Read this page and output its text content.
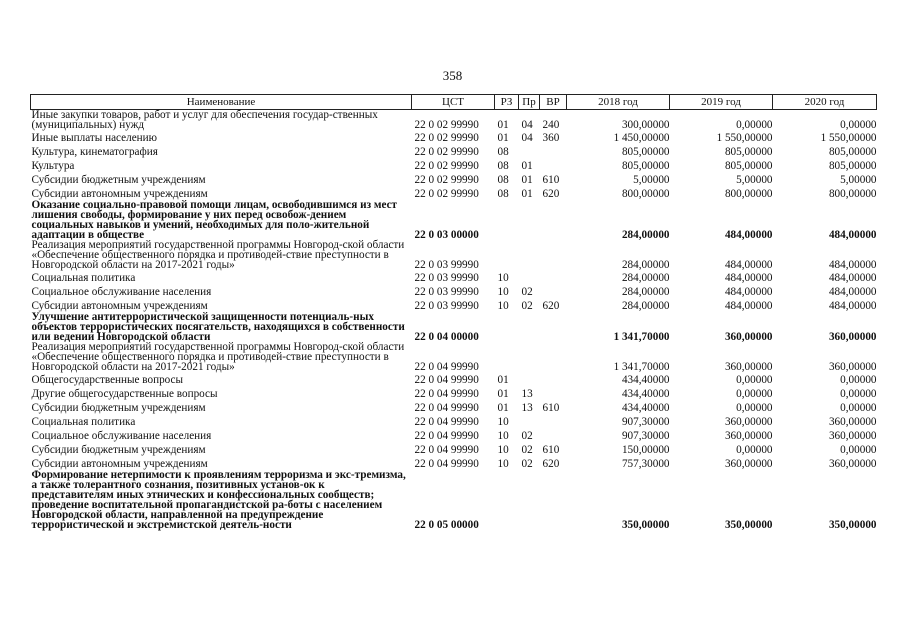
358
Наименование	ЦСТ	РЗ	Пр	ВР	2018 год	2019 год	2020 год
Иные закупки товаров, работ и услуг для обеспечения государ-ственных (муниципальных) нужд	22 0 02 99990	01	04	240	300,00000	0,00000	0,00000
Иные выплаты населению	22 0 02 99990	01	04	360	1 450,00000	1 550,00000	1 550,00000
Культура, кинематография	22 0 02 99990	08			805,00000	805,00000	805,00000
Культура	22 0 02 99990	08	01		805,00000	805,00000	805,00000
Субсидии бюджетным учреждениям	22 0 02 99990	08	01	610	5,00000	5,00000	5,00000
Субсидии автономным учреждениям	22 0 02 99990	08	01	620	800,00000	800,00000	800,00000
Оказание социально-правовой помощи лицам, освободившимся из мест лишения свободы, формирование у них перед освобож-дением социальных навыков и умений, необходимых для поло-жительной адаптации в обществе	22 0 03 00000				284,00000	484,00000	484,00000
Реализация мероприятий государственной программы Новгород-ской области «Обеспечение общественного порядка и противодей-ствие преступности в Новгородской области на 2017-2021 годы»	22 0 03 99990				284,00000	484,00000	484,00000
Социальная политика	22 0 03 99990	10			284,00000	484,00000	484,00000
Социальное обслуживание населения	22 0 03 99990	10	02		284,00000	484,00000	484,00000
Субсидии автономным учреждениям	22 0 03 99990	10	02	620	284,00000	484,00000	484,00000
Улучшение антитеррористической защищенности потенциаль-ных объектов террористических посягательств, находящихся в собственности или ведении Новгородской области	22 0 04 00000				1 341,70000	360,00000	360,00000
Реализация мероприятий государственной программы Новгород-ской области «Обеспечение общественного порядка и противодей-ствие преступности в Новгородской области на 2017-2021 годы»	22 0 04 99990				1 341,70000	360,00000	360,00000
Общегосударственные вопросы	22 0 04 99990	01			434,40000	0,00000	0,00000
Другие общегосударственные вопросы	22 0 04 99990	01	13		434,40000	0,00000	0,00000
Субсидии бюджетным учреждениям	22 0 04 99990	01	13	610	434,40000	0,00000	0,00000
Социальная политика	22 0 04 99990	10			907,30000	360,00000	360,00000
Социальное обслуживание населения	22 0 04 99990	10	02		907,30000	360,00000	360,00000
Субсидии бюджетным учреждениям	22 0 04 99990	10	02	610	150,00000	0,00000	0,00000
Субсидии автономным учреждениям	22 0 04 99990	10	02	620	757,30000	360,00000	360,00000
Формирование нетерпимости к проявлениям терроризма и экс-тремизма, а также толерантного сознания, позитивных установ-ок к представителям иных этнических и конфессиональных сообществ; проведение воспитательной пропагандистской ра-боты с населением Новгородской области, направленной на предупреждение террористической и экстремистской деятель-ности	22 0 05 00000				350,00000	350,00000	350,00000
